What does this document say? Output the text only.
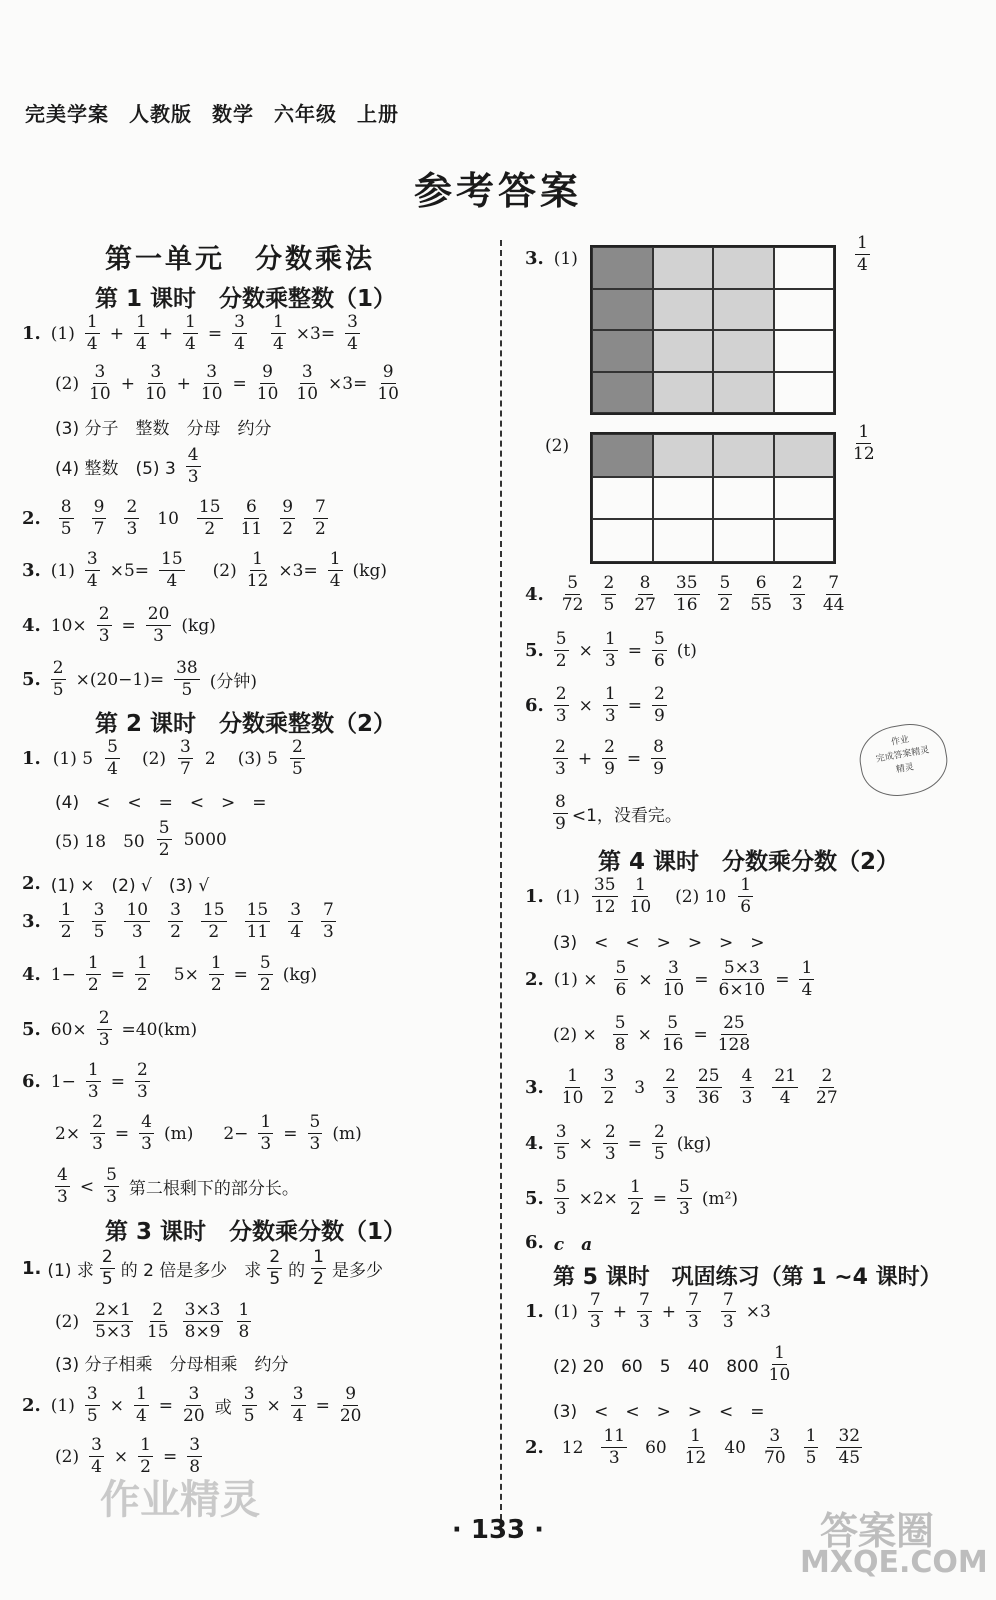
完美学案 人教版 数学 六年级 上册
参考答案
第一单元　分数乘法
第 1 课时　分数乘整数（1）
1. (1)
1
4
+
1
4
+
1
4
=
3
4
1
4
×3=
3
4
(2)
3
10
+
3
10
+
3
10
=
9
10
3
10
×3=
9
10
(3) 分子　整数　分母　约分
(4) 整数　(5) 3
4
3
2.
8
5
9
7
2
3
10
15
2
6
11
9
2
7
2
3. (1)
3
4
×5=
15
4
(2)
1
12
×3=
1
4
(kg)
4. 10×
2
3
=
20
3
(kg)
5.
2
5
×(20−1)=
38
5 (分钟)
第 2 课时　分数乘整数（2）
1. (1) 5
5
4
(2)
3
7
2 (3) 5
2
5
(4)　<　<　=　<　>　=
(5) 18　50
5
2
5000
2. (1) ×　(2) √　(3) √
3.
1
2
3
5
10
3
3
2
15
2
15
11
3
4
7
3
4. 1−
1
2
=
1
2
$5\times \frac{1}{2}$ =
5
2
(kg)
5. 60×
2
3
=40(km)
6. 1−
1
3
=
2
3
2×
2
3
=
4
3
(m) $2- \frac{1}{3}$ =
5
3
(m)
4
3
<
5
3 第二根剩下的部分长。
第 3 课时　分数乘分数（1）
1. (1) 求
2
5 的 2 倍是多少　求
2
5 的
1
2 是多少
(2)
2×1
5×3
2
15
3×3
8×9
1
8
(3) 分子相乘　分母相乘　约分
2. (1)
3
5
×
1
4
=
3
20 或
3
5
×
3
4
=
9
20
(2)
3
4
×
1
2
=
3
8
3. (1)	$\frac{1}{4}$
(2)	$\frac{1}{12}$
4.
5
72
2
5
8
27
35
16
5
2
6
55
2
3
7
44
5.
5
2
×
1
3
=
5
6
(t)
6.
2
3
×
1
3
=
2
9
2
3
+
2
9
=
8
9
8
9 <1，没看完。
作业
完成答案精灵
精灵
第 4 课时　分数乘分数（2）
1. (1)
35
12
1
10
(2) 10
1
6
(3)　<　<　>　>　>　>
2. $(1) \times \frac{5}{6}$ ×
3
10
=
5×3
6×10
=
1
4
$(2) \times \frac{5}{8}$ ×
5
16
=
25
128
3.
1
10
3
2
3
2
3
25
36
4
3
21
4
2
27
4.
3
5
×
2
3
=
2
5
(kg)
5.
5
3
×2×
1
2
=
5
3
(m²)
6. c　a
第 5 课时　巩固练习（第 1 ~4 课时）
1. (1)
7
3
+
7
3
+
7
3
7
3
×3
(2) 20　60　5　40　800
1
10
(3)　<　<　>　>　<　=
2. 12
11
3
60
1
12
40
3
70
1
5
32
45
· 133 ·
作业精灵
答案圈
MXQE.COM
